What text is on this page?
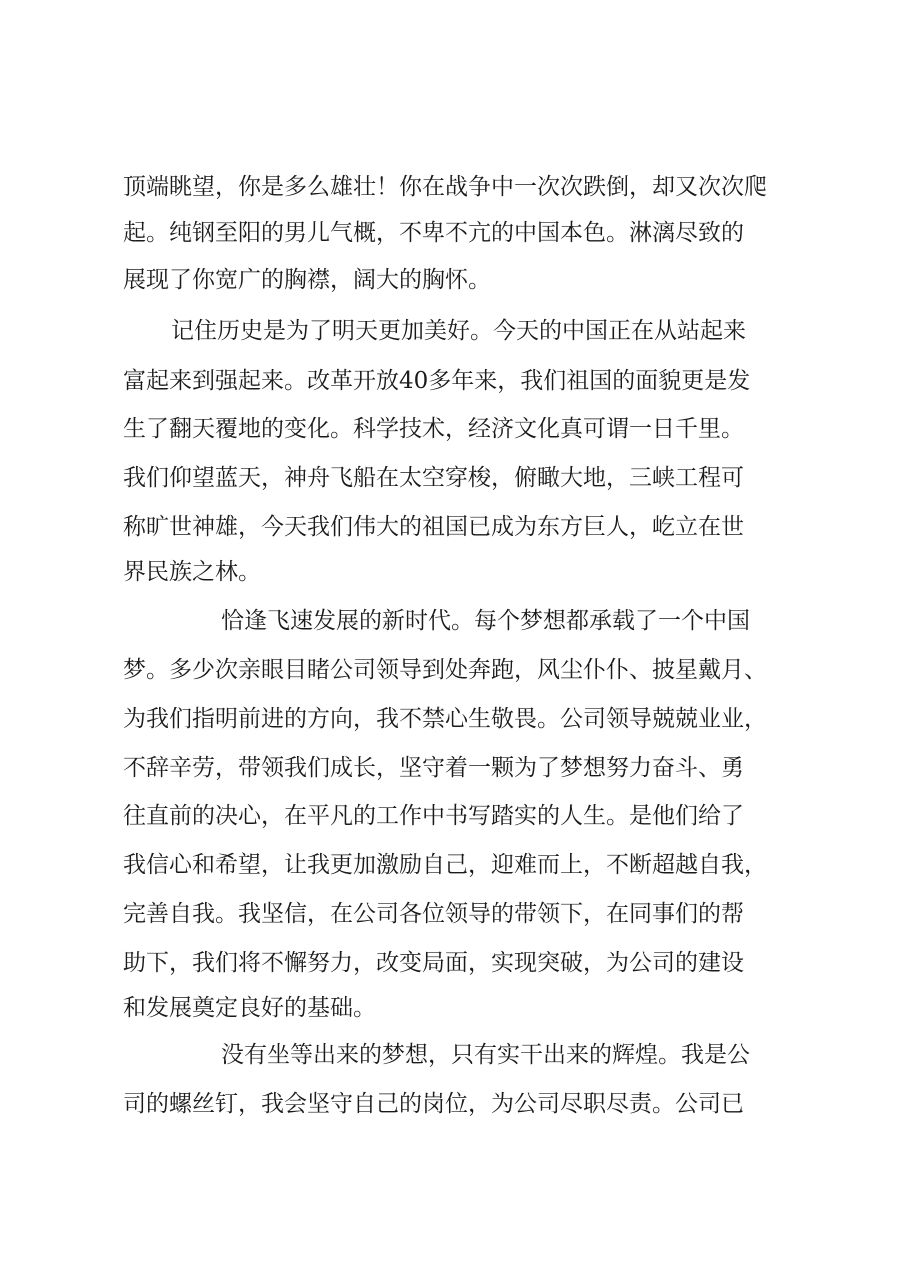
顶端眺望，你是多么雄壮！你在战争中一次次跌倒，却又次次爬
起。纯钢至阳的男儿气概，不卑不亢的中国本色。淋漓尽致的
展现了你宽广的胸襟，阔大的胸怀。
记住历史是为了明天更加美好。今天的中国正在从站起来
富起来到强起来。改革开放40多年来，我们祖国的面貌更是发
生了翻天覆地的变化。科学技术，经济文化真可谓一日千里。
我们仰望蓝天，神舟飞船在太空穿梭，俯瞰大地，三峡工程可
称旷世神雄，今天我们伟大的祖国已成为东方巨人，屹立在世
界民族之林。
恰逢飞速发展的新时代。每个梦想都承载了一个中国
梦。多少次亲眼目睹公司领导到处奔跑，风尘仆仆、披星戴月、
为我们指明前进的方向，我不禁心生敬畏。公司领导兢兢业业，
不辞辛劳，带领我们成长，坚守着一颗为了梦想努力奋斗、勇
往直前的决心，在平凡的工作中书写踏实的人生。是他们给了
我信心和希望，让我更加激励自己，迎难而上，不断超越自我，
完善自我。我坚信，在公司各位领导的带领下，在同事们的帮
助下，我们将不懈努力，改变局面，实现突破，为公司的建设
和发展奠定良好的基础。
没有坐等出来的梦想，只有实干出来的辉煌。我是公
司的螺丝钉，我会坚守自己的岗位，为公司尽职尽责。公司已
